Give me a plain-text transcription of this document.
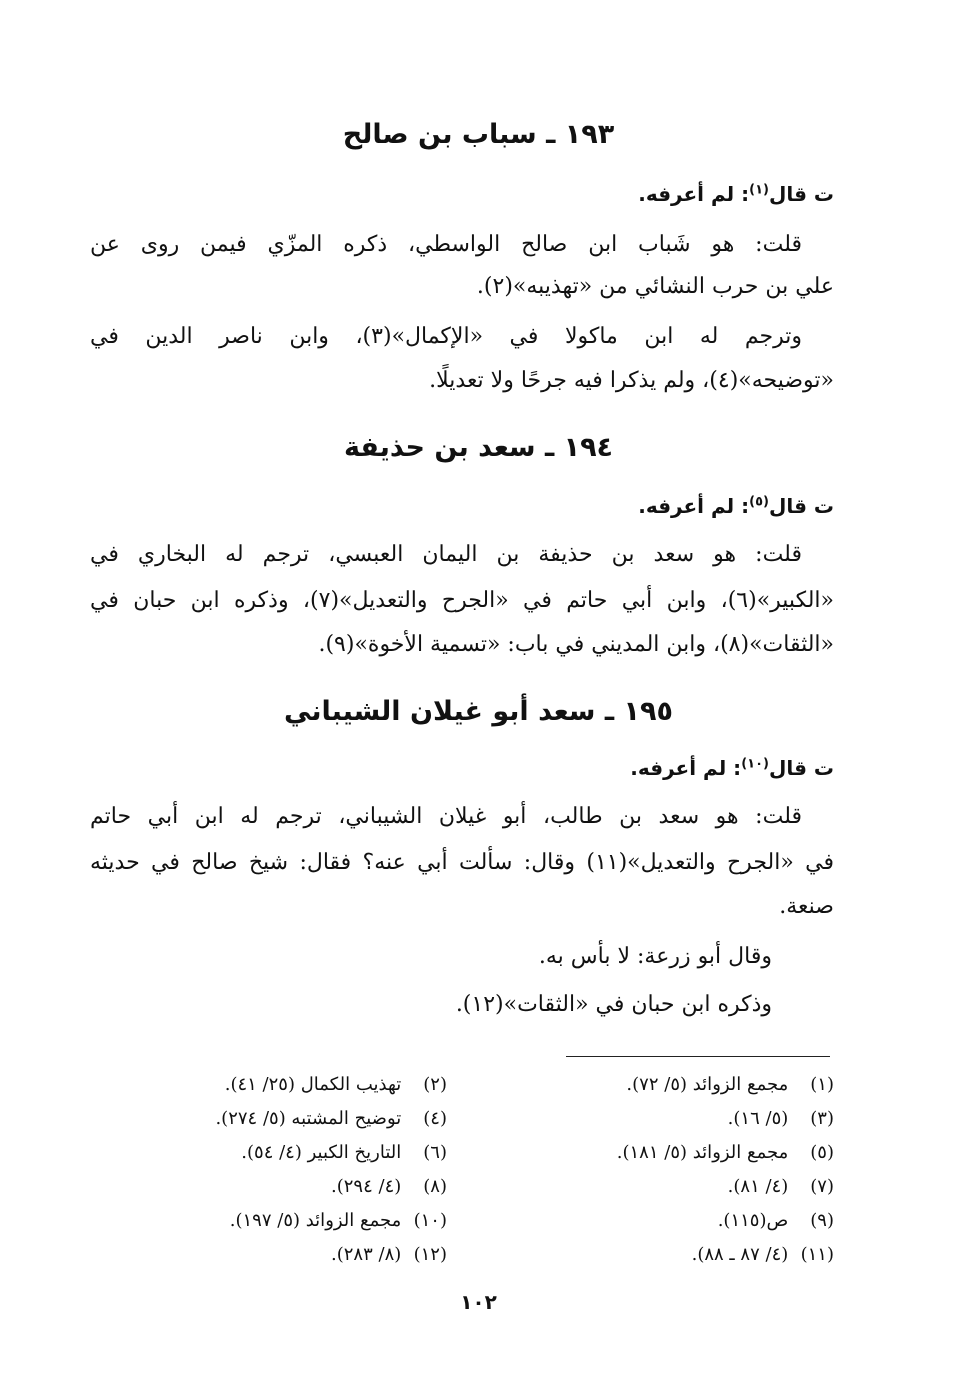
١٩٣ ـ سباب بن صالح
ت قال$^{(١)}$: لم أعرفه.
قلت: هو شَباب ابن صالح الواسطي، ذكره المزّي فيمن روى عن
علي بن حرب النشائي من «تهذيبه»(٢).
وترجم له ابن ماكولا في «الإكمال»(٣)، وابن ناصر الدين في
«توضيحه»(٤)، ولم يذكرا فيه جرحًا ولا تعديلًا.
١٩٤ ـ سعد بن حذيفة
ت قال$^{(٥)}$: لم أعرفه.
قلت: هو سعد بن حذيفة بن اليمان العبسي، ترجم له البخاري في
«الكبير»(٦)، وابن أبي حاتم في «الجرح والتعديل»(٧)، وذكره ابن حبان في
«الثقات»(٨)، وابن المديني في باب: «تسمية الأخوة»(٩).
١٩٥ ـ سعد أبو غيلان الشيباني
ت قال$^{(١٠)}$: لم أعرفه.
قلت: هو سعد بن طالب، أبو غيلان الشيباني، ترجم له ابن أبي حاتم
في «الجرح والتعديل»(١١) وقال: سألت أبي عنه؟ فقال: شيخ صالح في حديثه
صنعة.
وقال أبو زرعة: لا بأس به.
وذكره ابن حبان في «الثقات»(١٢).
(١) مجمع الزوائد (٥/ ٧٢).
(٣) (٥/ ١٦).
(٥) مجمع الزوائد (٥/ ١٨١).
(٧) (٤/ ٨١).
(٩) ص(١١٥).
(١١) (٤/ ٨٧ ـ ٨٨).
(٢) تهذيب الكمال (٢٥/ ٤١).
(٤) توضيح المشتبه (٥/ ٢٧٤).
(٦) التاريخ الكبير (٤/ ٥٤).
(٨) (٤/ ٢٩٤).
(١٠) مجمع الزوائد (٥/ ١٩٧).
(١٢) (٨/ ٢٨٣).
١٠٢
